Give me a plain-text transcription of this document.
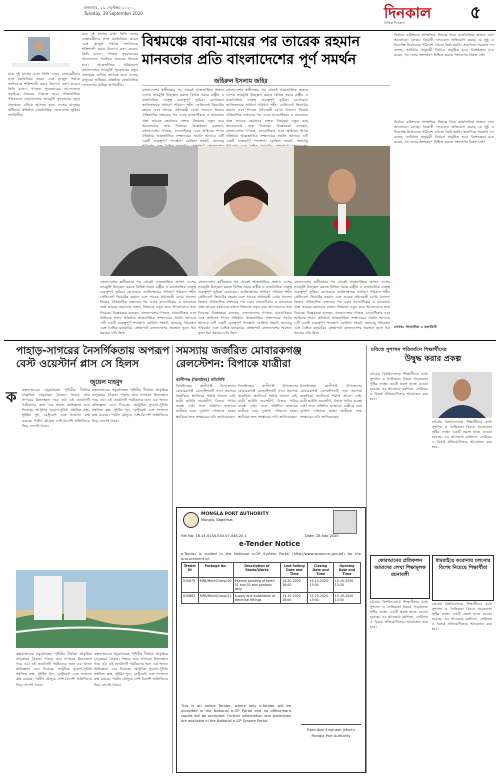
মঙ্গলবার, ২৯ সেপ্টেম্বর ২০২০
Tuesday, 29 September 2020	দিনকাল	৫
দৈনিক দিনকাল
মাত্র দুই মাসের মধ্যে তিনি দলের নেতাকর্মীদের সঙ্গে মতবিনিময় করেন এবং তৃণমূল পর্যায়ে সংগঠনকে শক্তিশালী করার উদ্যোগ গ্রহণ করেন। তিনি বলেন, গণতন্ত্র পুনরুদ্ধারের আন্দোলনে সবাইকে ঐক্যবদ্ধ থাকতে হবে। আন্তর্জাতিক পরিমণ্ডলে বাংলাদেশের ভাবমূর্তি পুনরুদ্ধারে নতুন প্রজন্মকে এগিয়ে আসতে হবে। দেশের মানুষের অধিকার প্রতিষ্ঠায় রাজনৈতিক দলগুলোর ভূমিকা অপরিসীম।
মাত্র দুই মাসের মধ্যে তিনি দলের নেতাকর্মীদের সঙ্গে মতবিনিময় করেন এবং তৃণমূল পর্যায়ে সংগঠনকে শক্তিশালী করার উদ্যোগ গ্রহণ করেন। তিনি বলেন, গণতন্ত্র পুনরুদ্ধারের আন্দোলনে সবাইকে ঐক্যবদ্ধ থাকতে হবে। আন্তর্জাতিক পরিমণ্ডলে বাংলাদেশের ভাবমূর্তি পুনরুদ্ধারে নতুন প্রজন্মকে এগিয়ে আসতে হবে। দেশের মানুষের অধিকার প্রতিষ্ঠায় রাজনৈতিক দলগুলোর ভূমিকা অপরিসীম।
বিশ্বমঞ্চে বাবা-মায়ের পর তারেক রহমান
মানবতার প্রতি বাংলাদেশের পূর্ণ সমর্থন
জহিরুল ইসলাম জহির
বাংলাদেশের স্বাধীনতার পর থেকেই আন্তর্জাতিক অঙ্গনে দেশের ভাবমূর্তি উজ্জ্বল করতে বিভিন্ন সময়ে রাষ্ট্রীয় ও রাজনৈতিক নেতৃত্ব গুরুত্বপূর্ণ ভূমিকা রেখেছেন। জাতিসংঘের সাধারণ পরিষদে শহীদ প্রেসিডেন্ট জিয়াউর রহমান এবং সাবেক প্রধানমন্ত্রী বেগম খালেদা জিয়ার ঐতিহাসিক বক্তব্যের পর এবার মানবাধিকার ও মানবতার প্রশ্নে তারেক রহমানের বক্তব্য বিশ্বমঞ্চে নতুন করে আলোচনার জন্ম দিয়েছে। বিশ্লেষকরা বলছেন, বাংলাদেশের গণতন্ত্র, মানবাধিকার এবং আইনের শাসন প্রতিষ্ঠায় আন্তর্জাতিক সম্প্রদায়ের সমর্থন আদায়ে এটি একটি গুরুত্বপূর্ণ পদক্ষেপ। রোহিঙ্গা সংকট, জলবায়ু
বাংলাদেশের স্বাধীনতার পর থেকেই আন্তর্জাতিক অঙ্গনে দেশের ভাবমূর্তি উজ্জ্বল করতে বিভিন্ন সময়ে রাষ্ট্রীয় ও রাজনৈতিক নেতৃত্ব গুরুত্বপূর্ণ ভূমিকা রেখেছেন। জাতিসংঘের সাধারণ পরিষদে শহীদ প্রেসিডেন্ট জিয়াউর রহমান এবং সাবেক প্রধানমন্ত্রী বেগম খালেদা জিয়ার ঐতিহাসিক বক্তব্যের পর এবার মানবাধিকার ও মানবতার প্রশ্নে তারেক রহমানের বক্তব্য বিশ্বমঞ্চে নতুন করে আলোচনার জন্ম দিয়েছে। বিশ্লেষকরা বলছেন, বাংলাদেশের গণতন্ত্র, মানবাধিকার এবং আইনের শাসন প্রতিষ্ঠায় আন্তর্জাতিক সম্প্রদায়ের সমর্থন আদায়ে এটি একটি গুরুত্বপূর্ণ পদক্ষেপ। রোহিঙ্গা সংকট, জলবায়ু
নির্বাচন কমিশনের সাম্প্রতিক সিদ্ধান্ত নিয়ে রাজনৈতিক অঙ্গনে নানা আলোচনা চলছে। বিরোধী দলগুলো অভিযোগ করছে যে সুষ্ঠু ও নিরপেক্ষ নির্বাচনের পরিবেশ এখনো তৈরি হয়নি। অন্যদিকে সরকারি দল বলছে, সংবিধান অনুযায়ী নির্বাচন অনুষ্ঠিত হবে। বিশেষজ্ঞরা মনে করেন, সব দলের অংশগ্রহণ নিশ্চিত করতে সংলাপের বিকল্প নেই।
নির্বাচন কমিশনের সাম্প্রতিক সিদ্ধান্ত নিয়ে রাজনৈতিক অঙ্গনে নানা আলোচনা চলছে। বিরোধী দলগুলো অভিযোগ করছে যে সুষ্ঠু ও নিরপেক্ষ নির্বাচনের পরিবেশ এখনো তৈরি হয়নি। অন্যদিকে সরকারি দল বলছে, সংবিধান অনুযায়ী নির্বাচন অনুষ্ঠিত হবে। বিশেষজ্ঞরা মনে করেন, সব দলের অংশগ্রহণ নিশ্চিত করতে সংলাপের বিকল্প নেই।
লেখক: সাংবাদিক ও কলামিস্ট
বাংলাদেশের স্বাধীনতার পর থেকেই আন্তর্জাতিক অঙ্গনে দেশের ভাবমূর্তি উজ্জ্বল করতে বিভিন্ন সময়ে রাষ্ট্রীয় ও রাজনৈতিক নেতৃত্ব গুরুত্বপূর্ণ ভূমিকা রেখেছেন। জাতিসংঘের সাধারণ পরিষদে শহীদ প্রেসিডেন্ট জিয়াউর রহমান এবং সাবেক প্রধানমন্ত্রী বেগম খালেদা জিয়ার ঐতিহাসিক বক্তব্যের পর এবার মানবাধিকার ও মানবতার প্রশ্নে তারেক রহমানের বক্তব্য বিশ্বমঞ্চে নতুন করে আলোচনার জন্ম দিয়েছে। বিশ্লেষকরা বলছেন, বাংলাদেশের গণতন্ত্র, মানবাধিকার এবং আইনের শাসন প্রতিষ্ঠায় আন্তর্জাতিক সম্প্রদায়ের সমর্থন আদায়ে এটি একটি গুরুত্বপূর্ণ পদক্ষেপ। রোহিঙ্গা সংকট, জলবায়ু পরিবর্তন এবং বৈশ্বিক মহামারির প্রেক্ষাপটে বাংলাদেশের অবস্থান তুলে ধরা সময়ের দাবি ছিল।
বাংলাদেশের স্বাধীনতার পর থেকেই আন্তর্জাতিক অঙ্গনে দেশের ভাবমূর্তি উজ্জ্বল করতে বিভিন্ন সময়ে রাষ্ট্রীয় ও রাজনৈতিক নেতৃত্ব গুরুত্বপূর্ণ ভূমিকা রেখেছেন। জাতিসংঘের সাধারণ পরিষদে শহীদ প্রেসিডেন্ট জিয়াউর রহমান এবং সাবেক প্রধানমন্ত্রী বেগম খালেদা জিয়ার ঐতিহাসিক বক্তব্যের পর এবার মানবাধিকার ও মানবতার প্রশ্নে তারেক রহমানের বক্তব্য বিশ্বমঞ্চে নতুন করে আলোচনার জন্ম দিয়েছে। বিশ্লেষকরা বলছেন, বাংলাদেশের গণতন্ত্র, মানবাধিকার এবং আইনের শাসন প্রতিষ্ঠায় আন্তর্জাতিক সম্প্রদায়ের সমর্থন আদায়ে এটি একটি গুরুত্বপূর্ণ পদক্ষেপ। রোহিঙ্গা সংকট, জলবায়ু পরিবর্তন এবং বৈশ্বিক মহামারির প্রেক্ষাপটে বাংলাদেশের অবস্থান তুলে ধরা সময়ের দাবি ছিল।
বাংলাদেশের স্বাধীনতার পর থেকেই আন্তর্জাতিক অঙ্গনে দেশের ভাবমূর্তি উজ্জ্বল করতে বিভিন্ন সময়ে রাষ্ট্রীয় ও রাজনৈতিক নেতৃত্ব গুরুত্বপূর্ণ ভূমিকা রেখেছেন। জাতিসংঘের সাধারণ পরিষদে শহীদ প্রেসিডেন্ট জিয়াউর রহমান এবং সাবেক প্রধানমন্ত্রী বেগম খালেদা জিয়ার ঐতিহাসিক বক্তব্যের পর এবার মানবাধিকার ও মানবতার প্রশ্নে তারেক রহমানের বক্তব্য বিশ্বমঞ্চে নতুন করে আলোচনার জন্ম দিয়েছে। বিশ্লেষকরা বলছেন, বাংলাদেশের গণতন্ত্র, মানবাধিকার এবং আইনের শাসন প্রতিষ্ঠায় আন্তর্জাতিক সম্প্রদায়ের সমর্থন আদায়ে এটি একটি গুরুত্বপূর্ণ পদক্ষেপ। রোহিঙ্গা সংকট, জলবায়ু পরিবর্তন এবং বৈশ্বিক মহামারির প্রেক্ষাপটে বাংলাদেশের অবস্থান তুলে ধরা সময়ের দাবি ছিল।
পাহাড়-সাগরের নৈসর্গিকতায় অপরূপ
বেস্ট ওয়েস্টার্ন প্লাস সে হিলস
জুয়েল মাহমুদ
ক কক্সবাজারের সমুদ্রসৈকত পৃথিবীর দীর্ঘতম প্রাকৃতিক বালুকাময় সৈকত। পাহাড় আর সাগরের মিলনস্থলে গড়ে ওঠা এই হোটেলটি পর্যটকদের জন্য এক অনন্য অভিজ্ঞতা এনে দিয়েছে। আধুনিক সুযোগ-সুবিধা সম্বলিত কক্ষ, সুইমিং পুল, রেস্টুরেন্ট এবং সম্মেলন কক্ষ রয়েছে। পর্যটন মৌসুমে দেশি-বিদেশি অতিথিদের ভিড় লেগেই থাকে।
কক্সবাজারের সমুদ্রসৈকত পৃথিবীর দীর্ঘতম প্রাকৃতিক বালুকাময় সৈকত। পাহাড় আর সাগরের মিলনস্থলে গড়ে ওঠা এই হোটেলটি পর্যটকদের জন্য এক অনন্য অভিজ্ঞতা এনে দিয়েছে। আধুনিক সুযোগ-সুবিধা সম্বলিত কক্ষ, সুইমিং পুল, রেস্টুরেন্ট এবং সম্মেলন কক্ষ রয়েছে। পর্যটন মৌসুমে দেশি-বিদেশি অতিথিদের ভিড় লেগেই থাকে।
কক্সবাজারের সমুদ্রসৈকত পৃথিবীর দীর্ঘতম প্রাকৃতিক বালুকাময় সৈকত। পাহাড় আর সাগরের মিলনস্থলে গড়ে ওঠা এই হোটেলটি পর্যটকদের জন্য এক অনন্য অভিজ্ঞতা এনে দিয়েছে। আধুনিক সুযোগ-সুবিধা সম্বলিত কক্ষ, সুইমিং পুল, রেস্টুরেন্ট এবং সম্মেলন কক্ষ রয়েছে। পর্যটন মৌসুমে দেশি-বিদেশি অতিথিদের ভিড় লেগেই থাকে।
কক্সবাজারের সমুদ্রসৈকত পৃথিবীর দীর্ঘতম প্রাকৃতিক বালুকাময় সৈকত। পাহাড় আর সাগরের মিলনস্থলে গড়ে ওঠা এই হোটেলটি পর্যটকদের জন্য এক অনন্য অভিজ্ঞতা এনে দিয়েছে। আধুনিক সুযোগ-সুবিধা সম্বলিত কক্ষ, সুইমিং পুল, রেস্টুরেন্ট এবং সম্মেলন কক্ষ রয়েছে। পর্যটন মৌসুমে দেশি-বিদেশি অতিথিদের ভিড় লেগেই থাকে।
সমস্যায় জর্জরিত মোবারকগঞ্জ
রেলস্টেশন: বিপাকে যাত্রীরা
কালীগঞ্জ (ঝিনাইদহ) প্রতিনিধি
ঝিনাইদহের কালীগঞ্জ উপজেলার মোবারকগঞ্জ রেলস্টেশনটি নানা সমস্যায় জর্জরিত। প্ল্যাটফর্মে পর্যাপ্ত আলো নেই, যাত্রী ছাউনি জরাজীর্ণ, বিশুদ্ধ পানির ব্যবস্থা নেই। ফলে প্রতিদিন হাজারো যাত্রীকে চরম দুর্ভোগ পোহাতে হচ্ছে। স্থানীয়রা দ্রুত সংস্কারের দাবি জানিয়েছেন।
ঝিনাইদহের কালীগঞ্জ উপজেলার মোবারকগঞ্জ রেলস্টেশনটি নানা সমস্যায় জর্জরিত। প্ল্যাটফর্মে পর্যাপ্ত আলো নেই, যাত্রী ছাউনি জরাজীর্ণ, বিশুদ্ধ পানির ব্যবস্থা নেই। ফলে প্রতিদিন হাজারো যাত্রীকে চরম দুর্ভোগ পোহাতে হচ্ছে। স্থানীয়রা দ্রুত সংস্কারের দাবি জানিয়েছেন।
ঝিনাইদহের কালীগঞ্জ উপজেলার মোবারকগঞ্জ রেলস্টেশনটি নানা সমস্যায় জর্জরিত। প্ল্যাটফর্মে পর্যাপ্ত আলো নেই, যাত্রী ছাউনি জরাজীর্ণ, বিশুদ্ধ পানির ব্যবস্থা নেই। ফলে প্রতিদিন হাজারো যাত্রীকে চরম দুর্ভোগ পোহাতে হচ্ছে। স্থানীয়রা দ্রুত সংস্কারের দাবি জানিয়েছেন।
MONGLA PORT AUTHORITY
Mongla, Bagerhat
File No: 18.14.0134.034.07.048.20.1	Date: 28 Sep 2020
e-Tender Notice
e-Tender is invited in the National e-GP System Portal (http://www.eprocure.gov.bd) for the procurement of:
Tender ID	Package No.	Description of Goods/Works	Last Selling Date and Time	Closing Date and Time	Opening Date and Time
510875	MPA/Mech/Comp/20	Internal painting of berth 01 and 02 and pontoon jetty	14-10-2020 16:00	15-10-2020 13:00	15-10-2020 13:30
510883	MPA/Mech/Comp/21	Supply and installation of electrical fittings	14-10-2020 16:00	15-10-2020 13:00	15-10-2020 13:30
This is an online Tender, where only e-Tender will be accepted in the National e-GP Portal and no offline/hard copies will be accepted. Further information and guidelines are available in the National e-GP System Portal.
Executive Engineer (Mech)
Mongla Port Authority
চবিতে সুশাসন পরিবর্তনে শিক্ষার্থীদের
উদ্বুদ্ধ করার প্রকল্প
চট্টগ্রাম বিশ্ববিদ্যালয়ে শিক্ষার্থীদের মধ্যে সুশাসন ও নৈতিকতা বিষয়ে সচেতনতা সৃষ্টির লক্ষ্যে একটি প্রকল্প হাতে নেওয়া হয়েছে। এর আওতায় কর্মশালা, সেমিনার ও বিতর্ক প্রতিযোগিতার আয়োজন করা হবে।
চট্টগ্রাম বিশ্ববিদ্যালয়ে শিক্ষার্থীদের মধ্যে সুশাসন ও নৈতিকতা বিষয়ে সচেতনতা সৃষ্টির লক্ষ্যে একটি প্রকল্প হাতে নেওয়া হয়েছে। এর আওতায় কর্মশালা, সেমিনার ও বিতর্ক প্রতিযোগিতার আয়োজন করা হবে।
কোরআনের প্রতিফলন আমাদের লেখা শিক্ষামূলক রচনাবলী
চট্টগ্রাম বিশ্ববিদ্যালয়ে শিক্ষার্থীদের মধ্যে সুশাসন ও নৈতিকতা বিষয়ে সচেতনতা সৃষ্টির লক্ষ্যে একটি প্রকল্প হাতে নেওয়া হয়েছে। এর আওতায় কর্মশালা, সেমিনার ও বিতর্ক প্রতিযোগিতার আয়োজন করা হবে।
ধামরাইয়ে করোনায় চলনোর বিশেষ নিয়েছে শিক্ষার্থীরা
চট্টগ্রাম বিশ্ববিদ্যালয়ে শিক্ষার্থীদের মধ্যে সুশাসন ও নৈতিকতা বিষয়ে সচেতনতা সৃষ্টির লক্ষ্যে একটি প্রকল্প হাতে নেওয়া হয়েছে। এর আওতায় কর্মশালা, সেমিনার ও বিতর্ক প্রতিযোগিতার আয়োজন করা হবে।
